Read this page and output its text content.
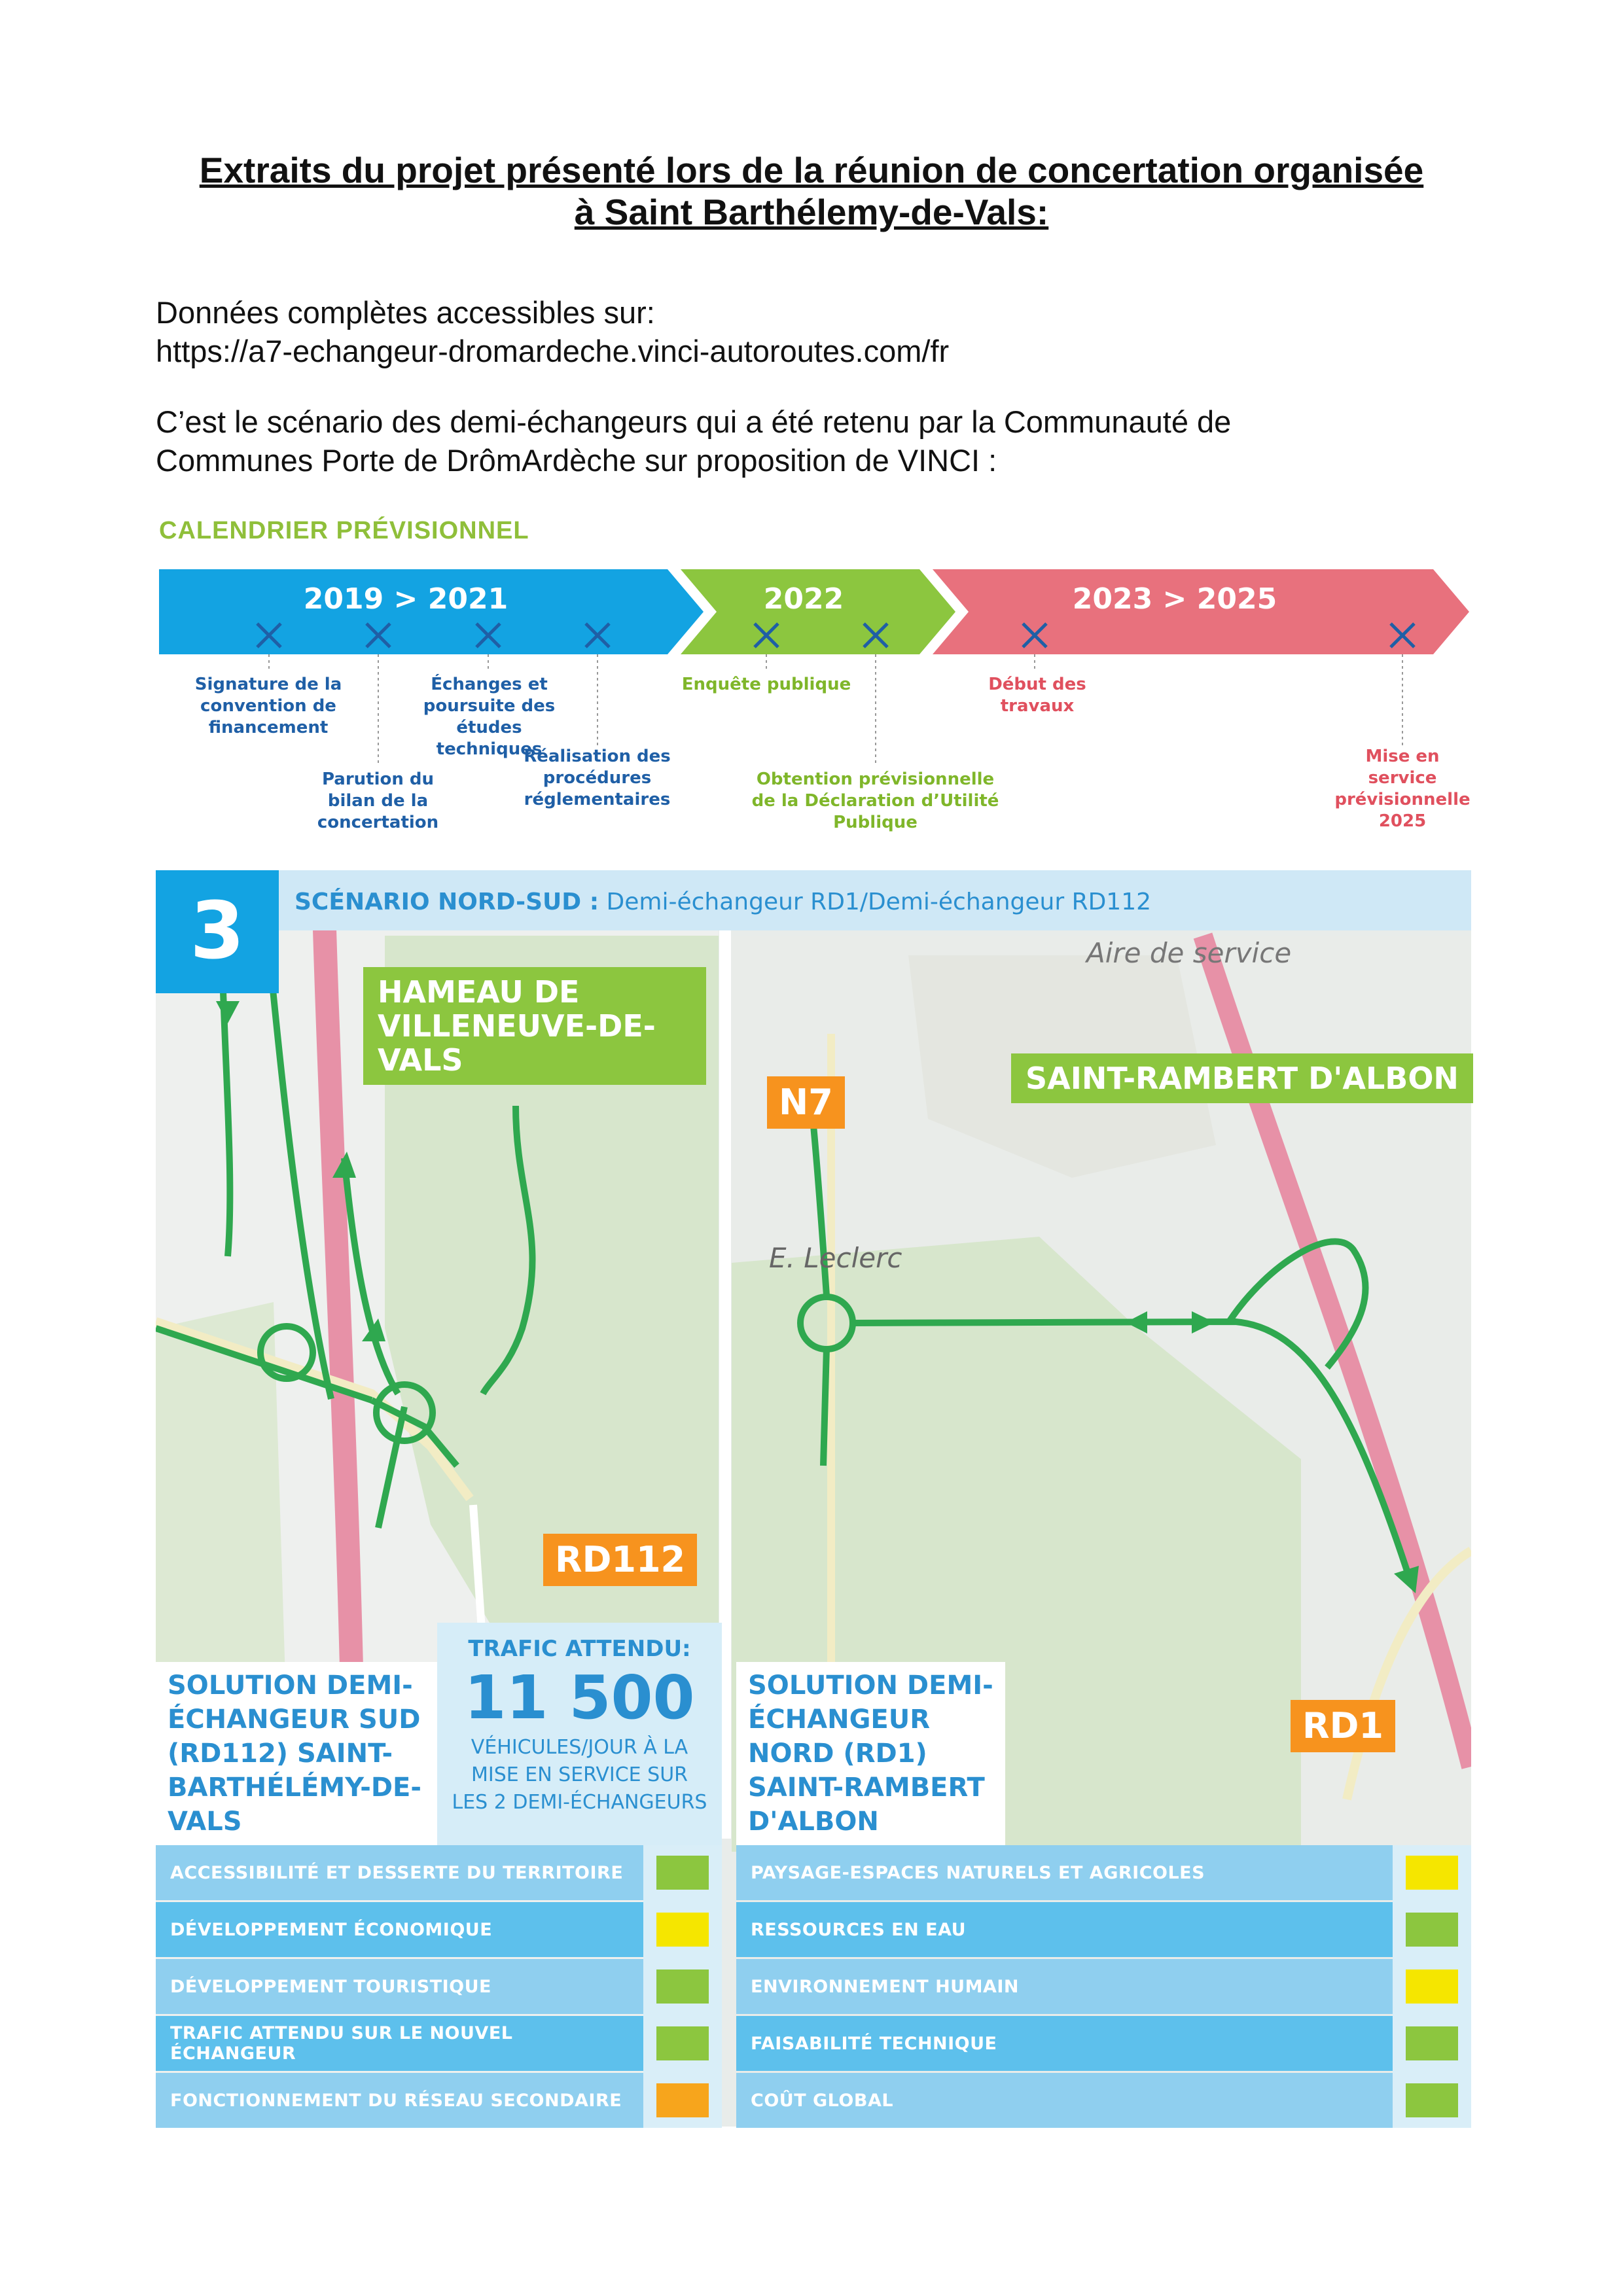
Extraits du projet présenté lors de la réunion de concertation organisée
à Saint Barthélemy-de-Vals:
Données complètes accessibles sur:
https://a7-echangeur-dromardeche.vinci-autoroutes.com/fr
C’est le scénario des demi-échangeurs qui a été retenu par la Communauté de
Communes Porte de DrômArdèche sur proposition de VINCI :
CALENDRIER PRÉVISIONNEL
2019 > 2021	2022	2023 > 2025
Signature de la convention de financement
Parution du bilan de la concertation
Échanges et poursuite des études techniques
Réalisation des procédures réglementaires
Enquête publique
Obtention prévisionnelle de la Déclaration d’Utilité Publique
Début des travaux
Mise en service prévisionnelle 2025
SCÉNARIO NORD-SUD : Demi-échangeur RD1/Demi-échangeur RD112
3
HAMEAU DE VILLENEUVE-DE-VALS
Aire de service
N7
SAINT-RAMBERT D'ALBON
E. Leclerc
RD112
RD1
SOLUTION DEMI-ÉCHANGEUR SUD (RD112) SAINT-BARTHÉLÉMY-DE-VALS
SOLUTION DEMI-ÉCHANGEUR NORD (RD1) SAINT-RAMBERT D'ALBON
TRAFIC ATTENDU:
11 500
VÉHICULES/JOUR À LA MISE EN SERVICE SUR LES 2 DEMI-ÉCHANGEURS
ACCESSIBILITÉ ET DESSERTE DU TERRITOIRE
DÉVELOPPEMENT ÉCONOMIQUE
DÉVELOPPEMENT TOURISTIQUE
TRAFIC ATTENDU SUR LE NOUVEL ÉCHANGEUR
FONCTIONNEMENT DU RÉSEAU SECONDAIRE
PAYSAGE-ESPACES NATURELS ET AGRICOLES
RESSOURCES EN EAU
ENVIRONNEMENT HUMAIN
FAISABILITÉ TECHNIQUE
COÛT GLOBAL
